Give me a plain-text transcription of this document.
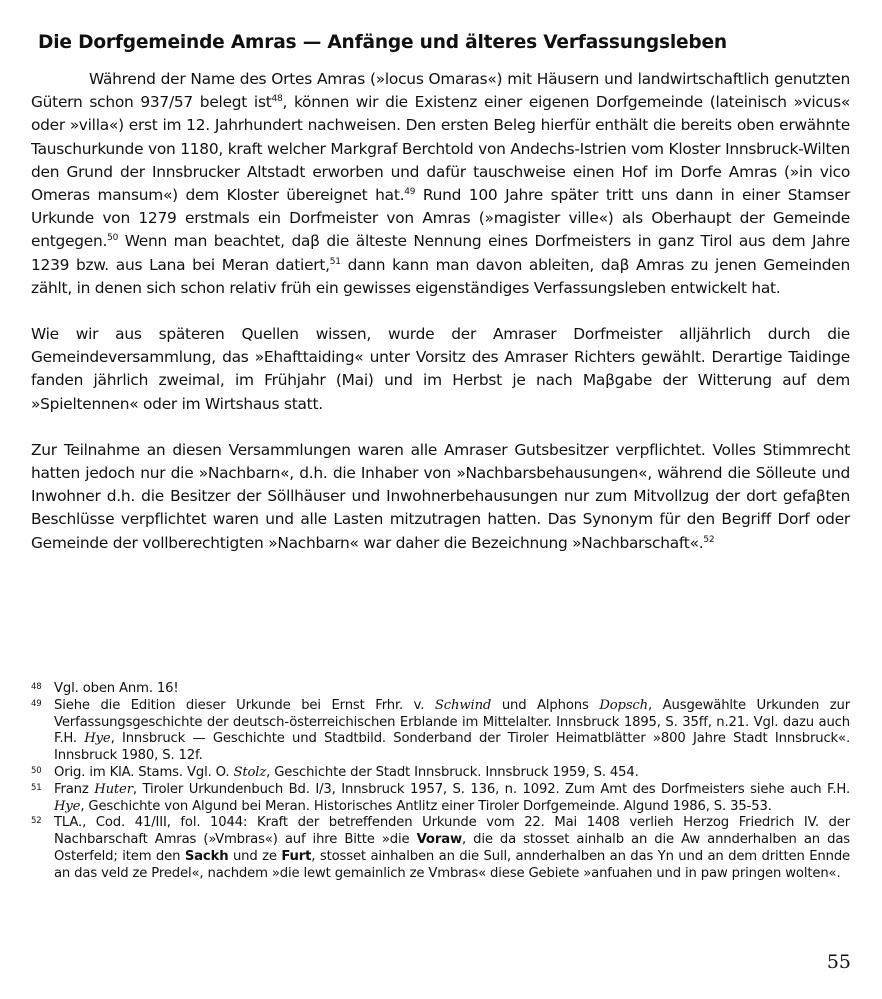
Die Dorfgemeinde Amras — Anfänge und älteres Verfassungsleben

Während der Name des Ortes Amras (»locus Omaras«) mit Häusern und landwirtschaftlich genutzten Gütern schon 937/57 belegt ist$^{48}$, können wir die Existenz einer eigenen Dorfgemeinde (lateinisch »vicus« oder »villa«) erst im 12. Jahrhundert nachweisen. Den ersten Beleg hierfür enthält die bereits oben erwähnte Tauschurkunde von 1180, kraft welcher Markgraf Berchtold von Andechs-Istrien vom Kloster Innsbruck-Wilten den Grund der Innsbrucker Altstadt erworben und dafür tauschweise einen Hof im Dorfe Amras (»in vico Omeras mansum«) dem Kloster übereignet hat.$^{49}$ Rund 100 Jahre später tritt uns dann in einer Stamser Urkunde von 1279 erstmals ein Dorfmeister von Amras (»magister ville«) als Oberhaupt der Gemeinde entgegen.$^{50}$ Wenn man beachtet, daβ die älteste Nennung eines Dorfmeisters in ganz Tirol aus dem Jahre 1239 bzw. aus Lana bei Meran datiert,$^{51}$ dann kann man davon ableiten, daβ Amras zu jenen Gemeinden zählt, in denen sich schon relativ früh ein gewisses eigenständiges Verfassungsleben entwickelt hat.

Wie wir aus späteren Quellen wissen, wurde der Amraser Dorfmeister alljährlich durch die Gemeindeversammlung, das »Ehafttaiding« unter Vorsitz des Amraser Richters gewählt. Derartige Taidinge fanden jährlich zweimal, im Frühjahr (Mai) und im Herbst je nach Maβgabe der Witterung auf dem »Spieltennen« oder im Wirtshaus statt.

Zur Teilnahme an diesen Versammlungen waren alle Amraser Gutsbesitzer verpflichtet. Volles Stimmrecht hatten jedoch nur die »Nachbarn«, d.h. die Inhaber von »Nachbarsbehausungen«, während die Sölleute und Inwohner d.h. die Besitzer der Söllhäuser und Inwohnerbehausungen nur zum Mitvollzug der dort gefaβten Beschlüsse verpflichtet waren und alle Lasten mitzutragen hatten. Das Synonym für den Begriff Dorf oder Gemeinde der vollberechtigten »Nachbarn« war daher die Bezeichnung »Nachbarschaft«.$^{52}$

48 Vgl. oben Anm. 16!

49 Siehe die Edition dieser Urkunde bei Ernst Frhr. v. Schwind und Alphons Dopsch, Ausgewählte Urkunden zur Verfassungsgeschichte der deutsch-österreichischen Erblande im Mittelalter. Innsbruck 1895, S. 35ff, n.21. Vgl. dazu auch F.H. Hye, Innsbruck — Geschichte und Stadtbild. Sonderband der Tiroler Heimatblätter »800 Jahre Stadt Innsbruck«. Innsbruck 1980, S. 12f.

50 Orig. im KlA. Stams. Vgl. O. Stolz, Geschichte der Stadt Innsbruck. Innsbruck 1959, S. 454.

51 Franz Huter, Tiroler Urkundenbuch Bd. I/3, Innsbruck 1957, S. 136, n. 1092. Zum Amt des Dorfmeisters siehe auch F.H. Hye, Geschichte von Algund bei Meran. Historisches Antlitz einer Tiroler Dorfgemeinde. Algund 1986, S. 35-53.

52 TLA., Cod. 41/III, fol. 1044: Kraft der betreffenden Urkunde vom 22. Mai 1408 verlieh Herzog Friedrich IV. der Nachbarschaft Amras (»Vmbras«) auf ihre Bitte »die Voraw, die da stosset ainhalb an die Aw annderhalben an das Osterfeld; item den Sackh und ze Furt, stosset ainhalben an die Sull, annderhalben an das Yn und an dem dritten Ennde an das veld ze Predel«, nachdem »die lewt gemainlich ze Vmbras« diese Gebiete »anfuahen und in paw pringen wolten«.

55
